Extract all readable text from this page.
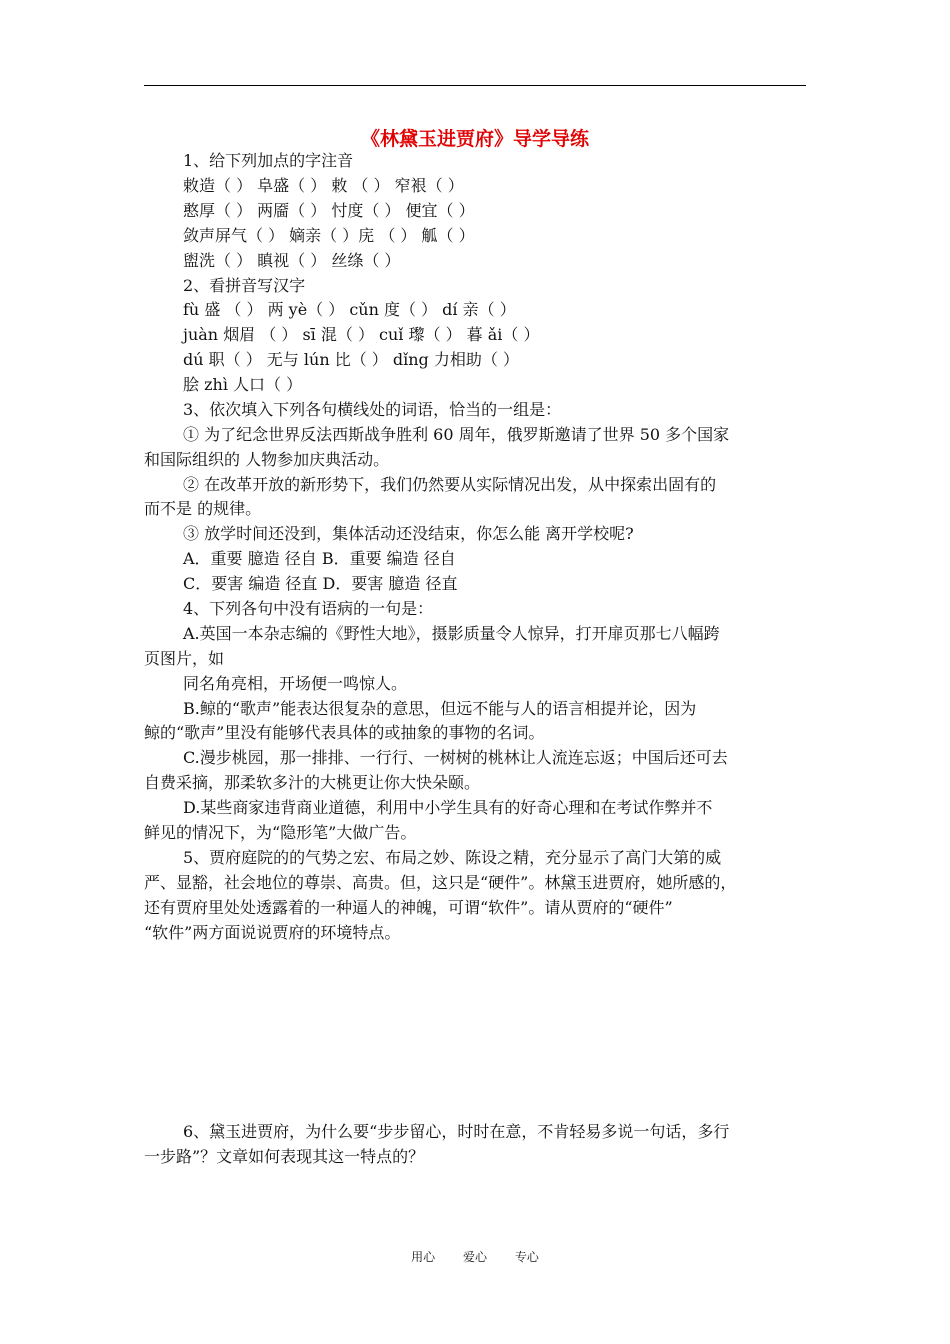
《林黛玉进贾府》导学导练
1、给下列加点的字注音
敕造（ ） 阜盛（ ） 敕 （ ） 窄裉（ ）
憨厚（ ） 两靥（ ） 忖度（ ） 便宜（ ）
敛声屏气（ ） 嫡亲（ ）庑 （ ） 觚（ ）
盥洗（ ） 瞋视（ ） 丝绦（ ）
2、看拼音写汉字
fù 盛 （ ） 两 yè（ ） cǔn 度（ ） dí 亲（ ）
juàn 烟眉 （ ） sī 混（ ） cuǐ 瓈（ ） 暮 ǎi（ ）
dú 职（ ） 无与 lún 比（ ） dǐng 力相助（ ）
脍 zhì 人口（ ）
3、依次填入下列各句横线处的词语，恰当的一组是：
① 为了纪念世界反法西斯战争胜利 60 周年，俄罗斯邀请了世界 50 多个国家
和国际组织的 人物参加庆典活动。
② 在改革开放的新形势下，我们仍然要从实际情况出发，从中探索出固有的
而不是 的规律。
③ 放学时间还没到，集体活动还没结束，你怎么能 离开学校呢?
A．重要 臆造 径自 B．重要 编造 径自
C．要害 编造 径直 D．要害 臆造 径直
4、下列各句中没有语病的一句是：
A.英国一本杂志编的《野性大地》，摄影质量令人惊异，打开扉页那七八幅跨
页图片，如
同名角亮相，开场便一鸣惊人。
B.鲸的“歌声”能表达很复杂的意思，但远不能与人的语言相提并论，因为
鲸的“歌声”里没有能够代表具体的或抽象的事物的名词。
C.漫步桃园，那一排排、一行行、一树树的桃林让人流连忘返；中国后还可去
自费采摘，那柔软多汁的大桃更让你大快朵颐。
D.某些商家违背商业道德，利用中小学生具有的好奇心理和在考试作弊并不
鲜见的情况下，为“隐形笔”大做广告。
5、贾府庭院的的气势之宏、布局之妙、陈设之精，充分显示了高门大第的威
严、显豁，社会地位的尊崇、高贵。但，这只是“硬件”。林黛玉进贾府，她所感的，
还有贾府里处处透露着的一种逼人的神魄，可谓“软件”。请从贾府的“硬件”
“软件”两方面说说贾府的环境特点。
6、黛玉进贾府，为什么要“步步留心，时时在意，不肯轻易多说一句话，多行
一步路”？文章如何表现其这一特点的？
用心 爱心 专心
